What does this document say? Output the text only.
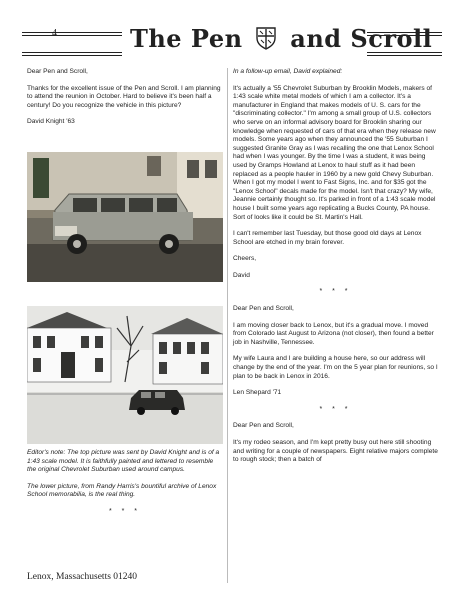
4	The Pen and Scroll

Dear Pen and Scroll,

Thanks for the excellent issue of the Pen and Scroll. I am planning to attend the reunion in October. Hard to believe it's been half a century! Do you recognize the vehicle in this picture?

David Knight '63

Editor's note: The top picture was sent by David Knight and is of a 1:43 scale model. It is faithfully painted and lettered to resemble the original Chevrolet Suburban used around campus.

The lower picture, from Randy Harris's bountiful archive of Lenox School memorabilia, is the real thing.

* * *

In a follow-up email, David explained:

It's actually a '55 Chevrolet Suburban by Brooklin Models, makers of 1:43 scale white metal models of which I am a collector. It's a manufacturer in England that makes models of U. S. cars for the "discriminating collector." I'm among a small group of U.S. collectors who serve on an informal advisory board for Brooklin sharing our knowledge when requested of cars of that era when they release new models. Some years ago when they announced the '55 Suburban I suggested Granite Gray as I was recalling the one that Lenox School had when I was younger. By the time I was a student, it was being used by Gramps Howland at Lenox to haul stuff as it had been replaced as a people hauler in 1960 by a new gold Chevy Suburban. When I got my model I went to Fast Signs, Inc. and for $35 got the "Lenox School" decals made for the model. Isn't that crazy? My wife, Jeannie certainly thought so. It's parked in front of a 1:43 scale model house I built some years ago replicating a Bucks County, PA house. Sort of looks like it could be St. Martin's Hall.

I can't remember last Tuesday, but those good old days at Lenox School are etched in my brain forever.

Cheers,

David

* * *

Dear Pen and Scroll,

I am moving closer back to Lenox, but it's a gradual move. I moved from Colorado last August to Arizona (not closer), then found a better job in Nashville, Tennessee.

My wife Laura and I are building a house here, so our address will change by the end of the year. I'm on the 5 year plan for reunions, so I plan to be back in Lenox in 2016.

Len Shepard '71

* * *

Dear Pen and Scroll,

It's my rodeo season, and I'm kept pretty busy out here still shooting and writing for a couple of newspapers. Eight relative majors complete to rough stock; then a batch of

Lenox, Massachusetts 01240
